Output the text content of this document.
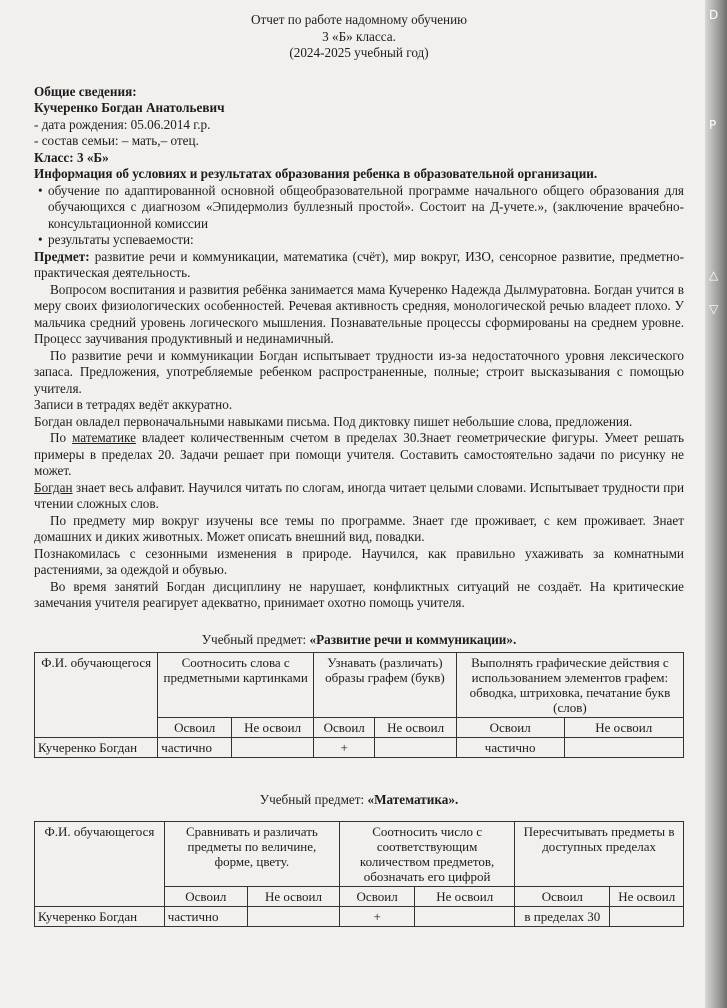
Отчет по работе надомному обучению
3 «Б» класса.
(2024-2025 учебный год)
Общие сведения:
Кучеренко Богдан Анатольевич
- дата рождения: 05.06.2014 г.р.
- состав семьи: – мать,– отец.
Класс: 3 «Б»
Информация об условиях и результатах образования ребенка в образовательной организации.
• обучение по адаптированной основной общеобразовательной программе начального общего образования для обучающихся с диагнозом «Эпидермолиз буллезный простой». Состоит на Д-учете.», (заключение врачебно-консультационной комиссии
• результаты успеваемости:

Предмет: развитие речи и коммуникации, математика (счёт), мир вокруг, ИЗО, сенсорное развитие, предметно-практическая деятельность.

Вопросом воспитания и развития ребёнка занимается мама Кучеренко Надежда Дылмуратовна. Богдан учится в меру своих физиологических особенностей. Речевая активность средняя, монологической речью владеет плохо. У мальчика средний уровень логического мышления. Познавательные процессы сформированы на среднем уровне. Процесс заучивания продуктивный и нединамичный.

По развитие речи и коммуникации Богдан испытывает трудности из-за недостаточного уровня лексического запаса. Предложения, употребляемые ребенком распространенные, полные; строит высказывания с помощью учителя.

Записи в тетрадях ведёт аккуратно.

Богдан овладел первоначальными навыками письма. Под диктовку пишет небольшие слова, предложения.

По математике владеет количественным счетом в пределах 30.Знает геометрические фигуры. Умеет решать примеры в пределах 20. Задачи решает при помощи учителя. Составить самостоятельно задачи по рисунку не может.

Богдан знает весь алфавит. Научился читать по слогам, иногда читает целыми словами. Испытывает трудности при чтении сложных слов.

По предмету мир вокруг изучены все темы по программе. Знает где проживает, с кем проживает. Знает домашних и диких животных. Может описать внешний вид, повадки.

Познакомилась с сезонными изменения в природе. Научился, как правильно ухаживать за комнатными растениями, за одеждой и обувью.

Во время занятий Богдан дисциплину не нарушает, конфликтных ситуаций не создаёт. На критические замечания учителя реагирует адекватно, принимает охотно помощь учителя.

Учебный предмет: «Развитие речи и коммуникации».
Ф.И. обучающегося	Соотносить слова с предметными картинками		Узнавать (различать) образы графем (букв)		Выполнять графические действия с использованием элементов графем: обводка, штриховка, печатание букв (слов)	
	Освоил	Не освоил	Освоил	Не освоил	Освоил	Не освоил
Кучеренко Богдан	частично		+		частично	
Учебный предмет: «Математика».
Ф.И. обучающегося	Сравнивать и различать предметы по величине, форме, цвету.		Соотносить число с соответствующим количеством предметов, обозначать его цифрой		Пересчитывать предметы в доступных пределах	
	Освоил	Не освоил	Освоил	Не освоил	Освоил	Не освоил
Кучеренко Богдан	частично		+		в пределах 30	
D
P
△
▽
